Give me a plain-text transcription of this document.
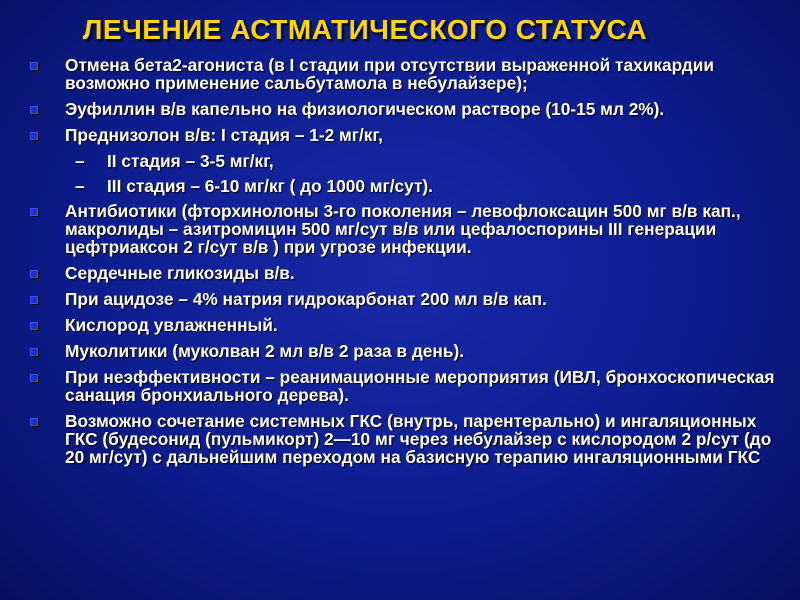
ЛЕЧЕНИЕ АСТМАТИЧЕСКОГО СТАТУСА
Отмена бета2-агониста (в I стадии при отсутствии выраженной тахикардии возможно применение сальбутамола в небулайзере);
Эуфиллин в/в капельно на физиологическом растворе (10-15 мл 2%).
Преднизолон в/в: I стадия – 1-2 мг/кг,
–	II стадия – 3-5 мг/кг,
–	III стадия – 6-10 мг/кг ( до 1000 мг/сут).
Антибиотики (фторхинолоны 3-го поколения – левофлоксацин 500 мг в/в кап., макролиды – азитромицин 500 мг/сут в/в или цефалоспорины III генерации цефтриаксон 2 г/сут в/в ) при угрозе инфекции.
Сердечные гликозиды в/в.
При ацидозе – 4% натрия гидрокарбонат 200 мл в/в кап.
Кислород увлажненный.
Муколитики (муколван 2 мл в/в 2 раза в день).
При неэффективности – реанимационные мероприятия (ИВЛ, бронхоскопическая санация бронхиального дерева).
Возможно сочетание системных ГКС (внутрь, парентерально) и ингаляционных ГКС (будесонид (пульмикорт) 2—10 мг через небулайзер с кислородом 2 р/сут (до 20 мг/сут) с дальнейшим переходом на базисную терапию ингаляционными ГКС
